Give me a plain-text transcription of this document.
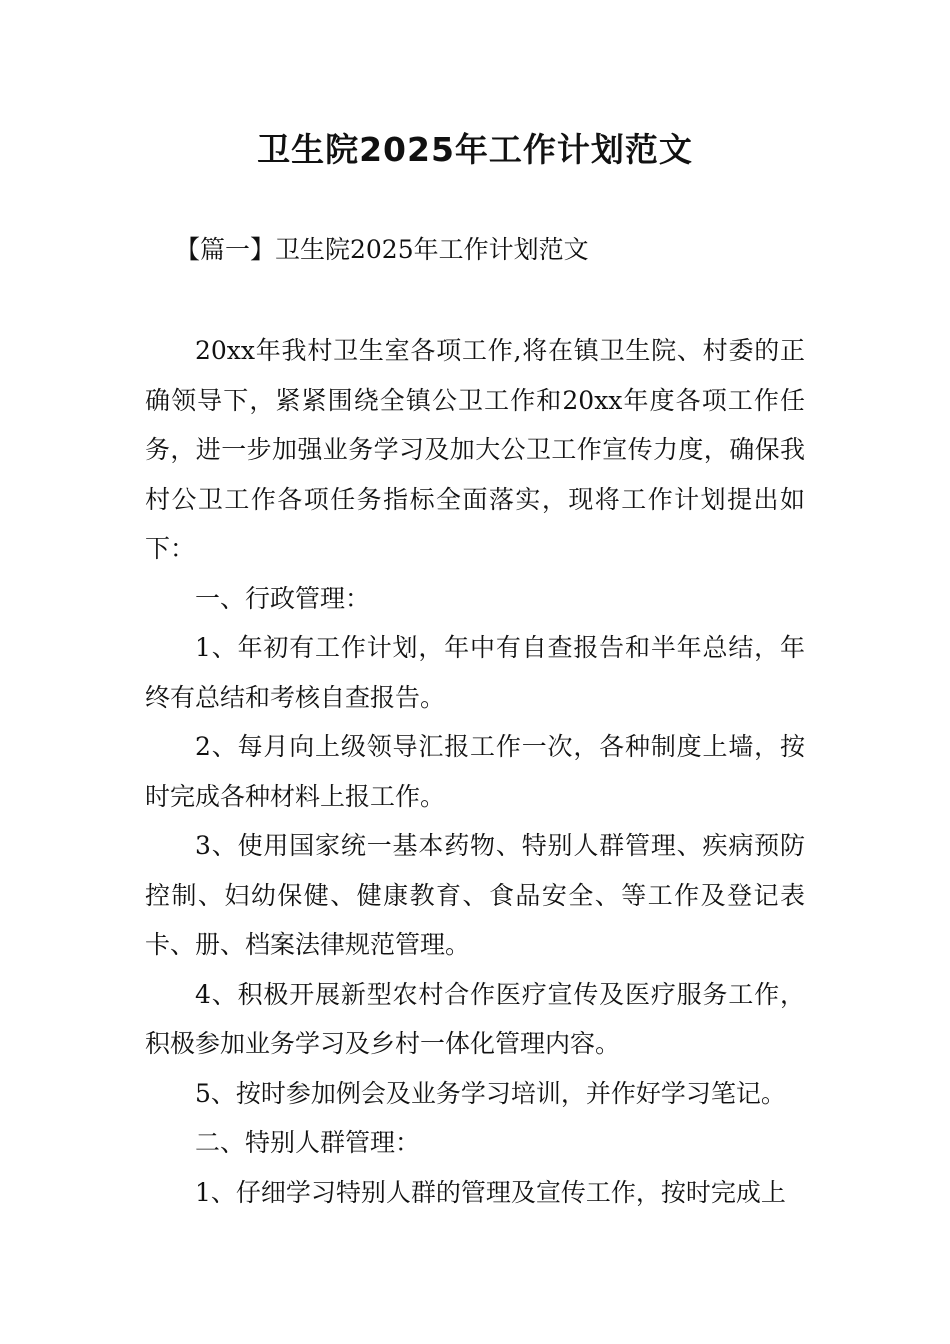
卫生院2025年工作计划范文
【篇一】卫生院2025年工作计划范文

20xx年我村卫生室各项工作,将在镇卫生院、村委的正确领导下，紧紧围绕全镇公卫工作和20xx年度各项工作任务，进一步加强业务学习及加大公卫工作宣传力度，确保我村公卫工作各项任务指标全面落实，现将工作计划提出如下：

一、行政管理：

1、年初有工作计划，年中有自查报告和半年总结，年终有总结和考核自查报告。

2、每月向上级领导汇报工作一次，各种制度上墙，按时完成各种材料上报工作。

3、使用国家统一基本药物、特别人群管理、疾病预防控制、妇幼保健、健康教育、食品安全、等工作及登记表卡、册、档案法律规范管理。

4、积极开展新型农村合作医疗宣传及医疗服务工作，积极参加业务学习及乡村一体化管理内容。

5、按时参加例会及业务学习培训，并作好学习笔记。

二、特别人群管理：

1、仔细学习特别人群的管理及宣传工作，按时完成上
